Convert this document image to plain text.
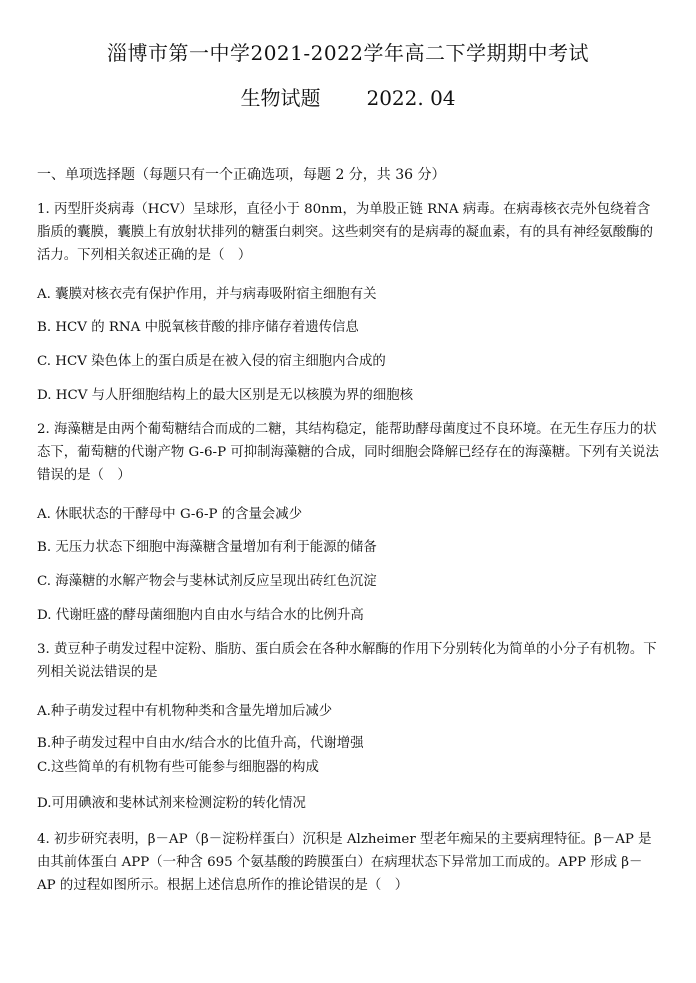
淄博市第一中学2021-2022学年高二下学期期中考试
生物试题 2022. 04
一、单项选择题（每题只有一个正确选项，每题 2 分，共 36 分）
1. 丙型肝炎病毒（HCV）呈球形，直径小于 80nm，为单股正链 RNA 病毒。在病毒核衣壳外包绕着含脂质的囊膜，囊膜上有放射状排列的糖蛋白刺突。这些刺突有的是病毒的凝血素，有的具有神经氨酸酶的活力。下列相关叙述正确的是（　）
A. 囊膜对核衣壳有保护作用，并与病毒吸附宿主细胞有关
B. HCV 的 RNA 中脱氧核苷酸的排序储存着遗传信息
C. HCV 染色体上的蛋白质是在被入侵的宿主细胞内合成的
D. HCV 与人肝细胞结构上的最大区别是无以核膜为界的细胞核
2. 海藻糖是由两个葡萄糖结合而成的二糖，其结构稳定，能帮助酵母菌度过不良环境。在无生存压力的状态下，葡萄糖的代谢产物 G-6-P 可抑制海藻糖的合成，同时细胞会降解已经存在的海藻糖。下列有关说法错误的是（　）
A. 休眠状态的干酵母中 G-6-P 的含量会减少
B. 无压力状态下细胞中海藻糖含量增加有利于能源的储备
C. 海藻糖的水解产物会与斐林试剂反应呈现出砖红色沉淀
D. 代谢旺盛的酵母菌细胞内自由水与结合水的比例升高
3. 黄豆种子萌发过程中淀粉、脂肪、蛋白质会在各种水解酶的作用下分别转化为简单的小分子有机物。下列相关说法错误的是
A.种子萌发过程中有机物种类和含量先增加后减少
B.种子萌发过程中自由水/结合水的比值升高，代谢增强
C.这些简单的有机物有些可能参与细胞器的构成
D.可用碘液和斐林试剂来检测淀粉的转化情况
4. 初步研究表明，β－AP（β－淀粉样蛋白）沉积是 Alzheimer 型老年痴呆的主要病理特征。β－AP 是由其前体蛋白 APP（一种含 695 个氨基酸的跨膜蛋白）在病理状态下异常加工而成的。APP 形成 β－AP 的过程如图所示。根据上述信息所作的推论错误的是（　）
